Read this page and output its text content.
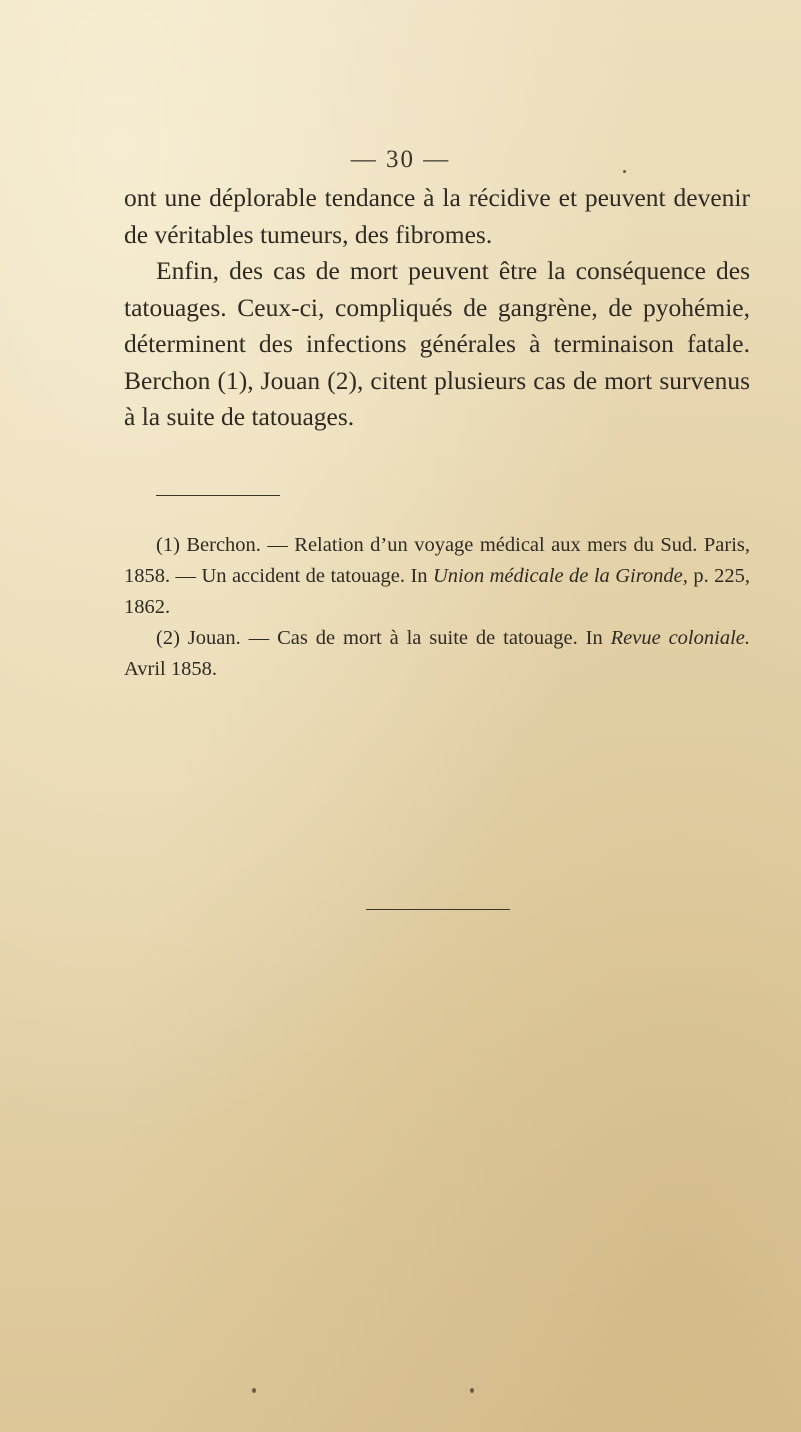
— 30 —

ont une déplorable tendance à la récidive et peuvent devenir de véritables tumeurs, des fibromes.

Enfin, des cas de mort peuvent être la conséquence des tatouages. Ceux-ci, compliqués de gangrène, de pyohémie, déterminent des infections générales à terminaison fatale. Berchon (1), Jouan (2), citent plusieurs cas de mort survenus à la suite de tatouages.

(1) Berchon. — Relation d’un voyage médical aux mers du Sud. Paris, 1858. — Un accident de tatouage. In Union médicale de la Gironde, p. 225, 1862.

(2) Jouan. — Cas de mort à la suite de tatouage. In Revue coloniale. Avril 1858.
